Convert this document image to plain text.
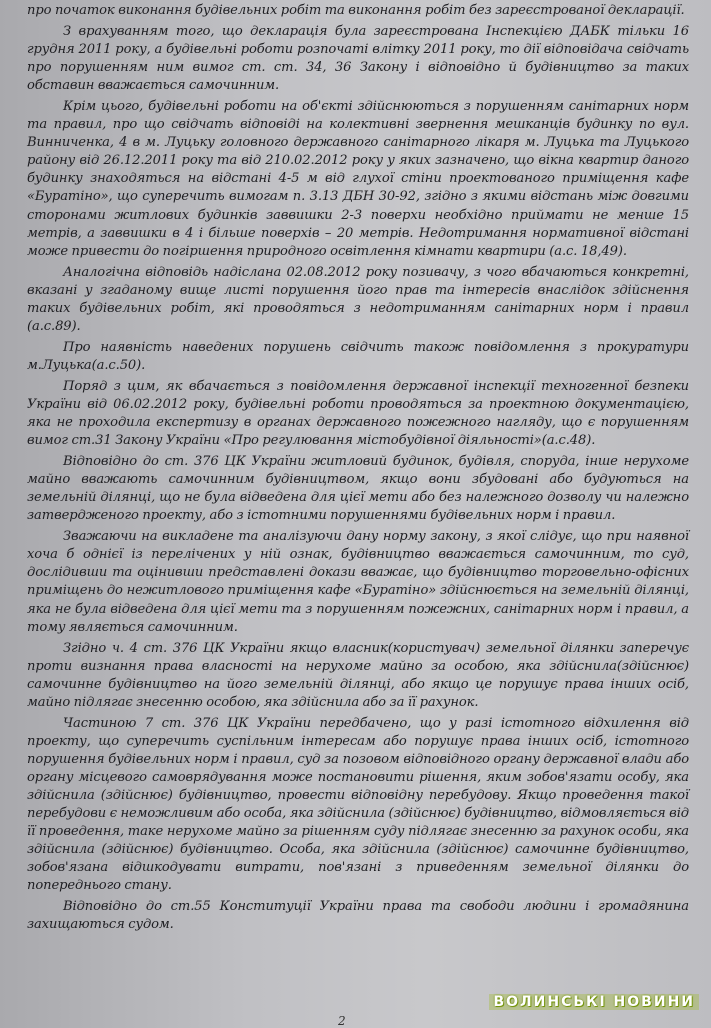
про початок виконання будівельних робіт та виконання робіт без зареєстрованої декларації.

З врахуванням того, що декларація була зареєстрована Інспекцією ДАБК тільки 16 грудня 2011 року, а будівельні роботи розпочаті влітку 2011 року, то дії відповідача свідчать про порушенням ним вимог ст. ст. 34, 36 Закону і відповідно й будівництво за таких обставин вважається самочинним.

Крім цього, будівельні роботи на об'єкті здійснюються з порушенням санітарних норм та правил, про що свідчать відповіді на колективні звернення мешканців будинку по вул. Винниченка, 4 в м. Луцьку головного державного санітарного лікаря м. Луцька та Луцького району від 26.12.2011 року та від 210.02.2012 року у яких зазначено, що вікна квартир даного будинку знаходяться на відстані 4-5 м від глухої стіни проектованого приміщення кафе «Буратіно», що суперечить вимогам п. 3.13 ДБН 30-92, згідно з якими відстань між довгими сторонами житлових будинків заввишки 2-3 поверхи необхідно приймати не менше 15 метрів, а заввишки в 4 і більше поверхів – 20 метрів. Недотримання нормативної відстані може привести до погіршення природного освітлення кімнати квартири (а.с. 18,49).

Аналогічна відповідь надіслана 02.08.2012 року позивачу, з чого вбачаються конкретні, вказані у згаданому вище листі порушення його прав та інтересів внаслідок здійснення таких будівельних робіт, які проводяться з недотриманням санітарних норм і правил (а.с.89).

Про наявність наведених порушень свідчить також повідомлення з прокуратури м.Луцька(а.с.50).

Поряд з цим, як вбачається з повідомлення державної інспекції техногенної безпеки України від 06.02.2012 року, будівельні роботи проводяться за проектною документацією, яка не проходила експертизу в органах державного пожежного нагляду, що є порушенням вимог ст.31 Закону України «Про регулювання містобудівної діяльності»(а.с.48).

Відповідно до ст. 376 ЦК України житловий будинок, будівля, споруда, інше нерухоме майно вважають самочинним будівництвом, якщо вони збудовані або будуються на земельній ділянці, що не була відведена для цієї мети або без належного дозволу чи належно затвердженого проекту, або з істотними порушеннями будівельних норм і правил.

Зважаючи на викладене та аналізуючи дану норму закону, з якої слідує, що при наявної хоча б однієї із перелічених у ній ознак, будівництво вважається самочинним, то суд, дослідивши та оцінивши представлені докази вважає, що будівництво торговельно-офісних приміщень до нежитлового приміщення кафе «Буратіно» здійснюється на земельній ділянці, яка не була відведена для цієї мети та з порушенням пожежних, санітарних норм і правил, а тому являється самочинним.

Згідно ч. 4 ст. 376 ЦК України якщо власник(користувач) земельної ділянки заперечує проти визнання права власності на нерухоме майно за особою, яка здійснила(здійснює) самочинне будівництво на його земельній ділянці, або якщо це порушує права інших осіб, майно підлягає знесенню особою, яка здійснила або за її рахунок.

Частиною 7 ст. 376 ЦК України передбачено, що у разі істотного відхилення від проекту, що суперечить суспільним інтересам або порушує права інших осіб, істотного порушення будівельних норм і правил, суд за позовом відповідного органу державної влади або органу місцевого самоврядування може постановити рішення, яким зобов'язати особу, яка здійснила (здійснює) будівництво, провести відповідну перебудову. Якщо проведення такої перебудови є неможливим або особа, яка здійснила (здійснює) будівництво, відмовляється від її проведення, таке нерухоме майно за рішенням суду підлягає знесенню за рахунок особи, яка здійснила (здійснює) будівництво. Особа, яка здійснила (здійснює) самочинне будівництво, зобов'язана відшкодувати витрати, пов'язані з приведенням земельної ділянки до попереднього стану.

Відповідно до ст.55 Конституції України права та свободи людини і громадянина захищаються судом.

ВОЛИНСЬКІ НОВИНИ
2
